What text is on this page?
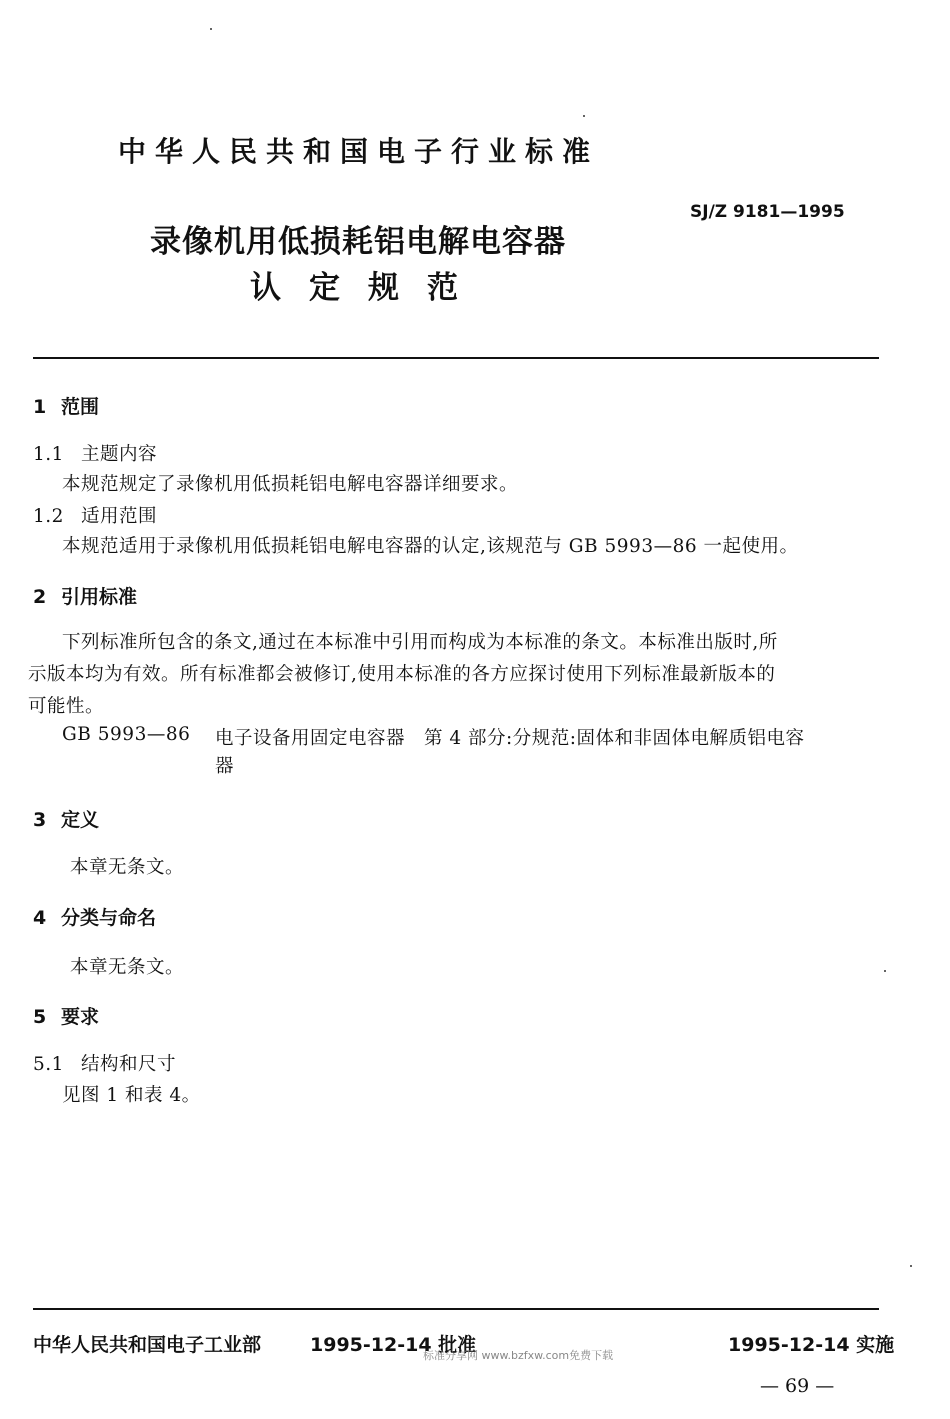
中华人民共和国电子行业标准
SJ/Z 9181—1995
录像机用低损耗铝电解电容器
认定规范
1 范围
1.1 主题内容
本规范规定了录像机用低损耗铝电解电容器详细要求。
1.2 适用范围
本规范适用于录像机用低损耗铝电解电容器的认定,该规范与 GB 5993—86 一起使用。
2 引用标准
下列标准所包含的条文,通过在本标准中引用而构成为本标准的条文。本标准出版时,所
示版本均为有效。所有标准都会被修订,使用本标准的各方应探讨使用下列标准最新版本的
可能性。
GB 5993—86 电子设备用固定电容器　第 4 部分:分规范:固体和非固体电解质铝电容
器
3 定义
本章无条文。
4 分类与命名
本章无条文。
5 要求
5.1 结构和尺寸
见图 1 和表 4。
中华人民共和国电子工业部	1995-12-14 批准	1995-12-14 实施
标准分享网 www.bzfxw.com免费下载
— 69 —
